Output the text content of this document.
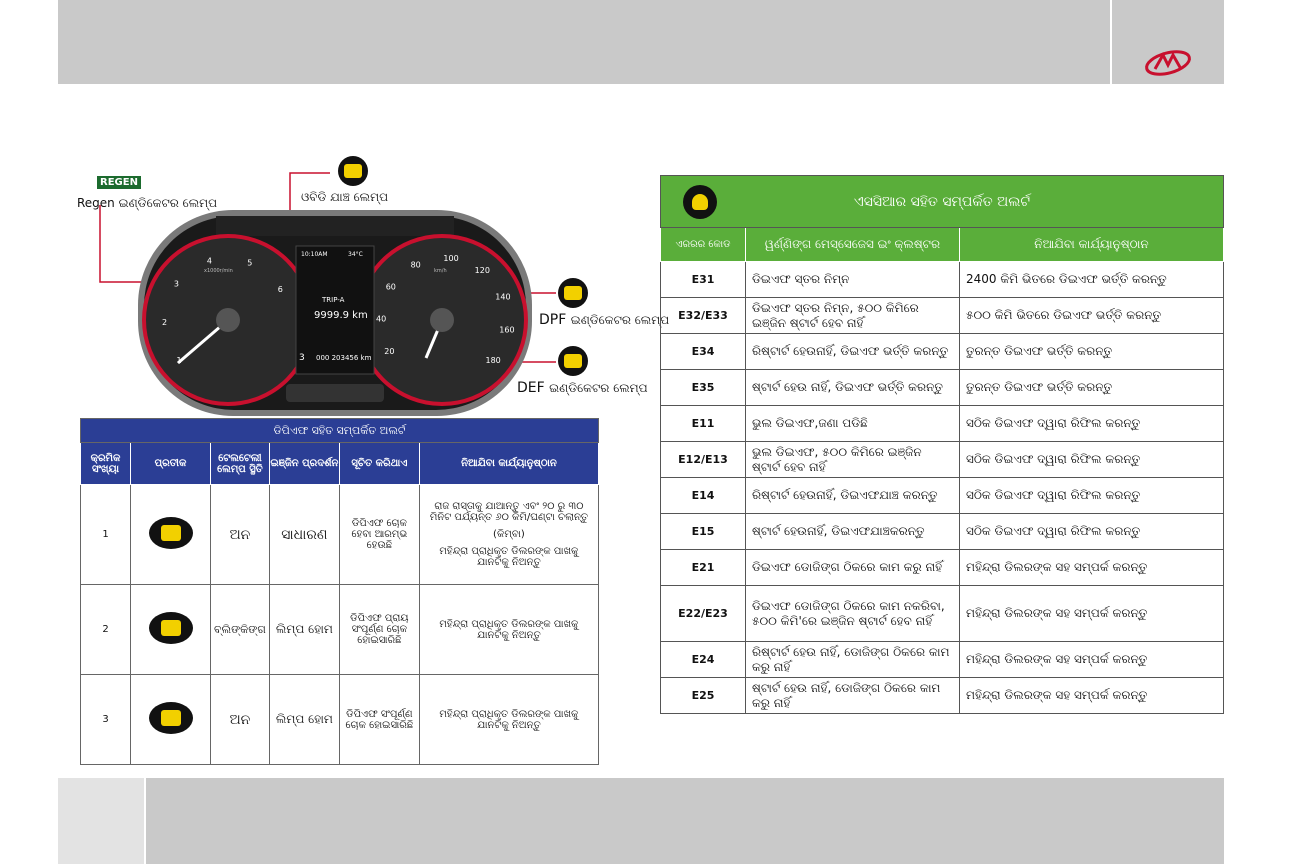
REGEN
Regen ଇଣ୍ଡିକେଟର ଲେମ୍ପ	ଓବିଡି ଯାଞ୍ଚ ଲେମ୍ପ
DPF ଇଣ୍ଡିକେଟର ଲେମ୍ପ
DEF ଇଣ୍ଡିକେଟର ଲେମ୍ପ
10:10AM	34°C
TRIP-A
9999.9 km
3 000 203456 km
x1000r/min	km/h
1
2
3
4	5
6
20
40
60
80
100
120
140
160
180
ଡିପିଏଫ ସହିତ ସମ୍ପର୍କିତ ଅଲର୍ଟ					
କ୍ରମିକ ସଂଖ୍ୟା	ପ୍ରତୀକ	ଟେଲଟେଲୀ ଲେମ୍ପ ସ୍ଥିତି	ଇଞ୍ଜିନ ପ୍ରଦର୍ଶନ	ସୂଚିତ କରିଥାଏ	ନିଆଯିବା କାର୍ଯ୍ୟାନୁଷ୍ଠାନ
1		ଅନ	ସାଧାରଣ	ଡିପିଏଫ ଚୋକ ହେବା ଆରମ୍ଭ ହେଉଛି	ରାଜ ରାସ୍ତାକୁ ଯାଆନ୍ତୁ ଏବଂ ୨୦ ରୁ ୩୦ ମିନିଟ ପର୍ଯ୍ୟନ୍ତ ୬୦ କିମି/ଘଣ୍ଟା ଚଲାନ୍ତୁ
(କିମ୍ବା)
ମହିନ୍ଦ୍ରା ପ୍ରାଧିକୃତ ଡିଲରଙ୍କ ପାଖକୁ ଯାନଟିକୁ ନିଅନ୍ତୁ
2		ବ୍ଲିଙ୍କିଙ୍ଗ	ଲିମ୍ପ ହୋମ	ଡିପିଏଫ ପ୍ରାୟ ସଂପୂର୍ଣ୍ଣ ଚୋକ ହୋଇସାରିଛି	ମହିନ୍ଦ୍ରା ପ୍ରାଧିକୃତ ଡିଲରଙ୍କ ପାଖକୁ ଯାନଟିକୁ ନିଅନ୍ତୁ
3		ଅନ	ଲିମ୍ପ ହୋମ	ଡିପିଏଫ ସଂପୂର୍ଣ୍ଣ ଚୋକ ହୋଇସାରିଛି	ମହିନ୍ଦ୍ରା ପ୍ରାଧିକୃତ ଡିଲରଙ୍କ ପାଖକୁ ଯାନଟିକୁ ନିଅନ୍ତୁ
ଏସସିଆର ସହିତ ସମ୍ପର୍କିତ ଅଲର୍ଟ		
ଏରରର କୋଡ	ୱର୍ଣ୍ଣିଙ୍ଗ ମେସ୍ସେଜେସ ଇଂ କ୍ଲଷ୍ଟର	ନିଆଯିବା କାର୍ଯ୍ୟାନୁଷ୍ଠାନ
E31	ଡିଇଏଫ ସ୍ତର ନିମ୍ନ	2400 କିମି ଭିତରେ ଡିଇଏଫ ଭର୍ତ୍ତି କରନ୍ତୁ
E32/E33	ଡିଇଏଫ ସ୍ତର ନିମ୍ନ, ୫୦୦ କିମିରେ ଇଞ୍ଜିନ ଷ୍ଟାର୍ଟ ହେବ ନାହିଁ	୫୦୦ କିମି ଭିତରେ ଡିଇଏଫ ଭର୍ତ୍ତି କରନ୍ତୁ
E34	ରିଷ୍ଟାର୍ଟ ହେଉନାହିଁ, ଡିଇଏଫ ଭର୍ତ୍ତି କରନ୍ତୁ	ତୁରନ୍ତ ଡିଇଏଫ ଭର୍ତ୍ତି କରନ୍ତୁ
E35	ଷ୍ଟାର୍ଟ ହେଉ ନାହିଁ, ଡିଇଏଫ ଭର୍ତ୍ତି କରନ୍ତୁ	ତୁରନ୍ତ ଡିଇଏଫ ଭର୍ତ୍ତି କରନ୍ତୁ
E11	ଭୁଲ ଡିଇଏଫ,ଜଣା ପଡିଛି	ସଠିକ ଡିଇଏଫ ଦ୍ୱାରା ରିଫିଲ କରନ୍ତୁ
E12/E13	ଭୁଲ ଡିଇଏଫ, ୫୦୦ କିମିରେ ଇଞ୍ଜିନ ଷ୍ଟାର୍ଟ ହେବ ନାହିଁ	ସଠିକ ଡିଇଏଫ ଦ୍ୱାରା ରିଫିଲ କରନ୍ତୁ
E14	ରିଷ୍ଟାର୍ଟ ହେଉନାହିଁ, ଡିଇଏଫଯାଞ୍ଚ କରନ୍ତୁ	ସଠିକ ଡିଇଏଫ ଦ୍ୱାରା ରିଫିଲ କରନ୍ତୁ
E15	ଷ୍ଟାର୍ଟ ହେଉନାହିଁ, ଡିଇଏଫଯାଞ୍ଚକରନ୍ତୁ	ସଠିକ ଡିଇଏଫ ଦ୍ୱାରା ରିଫିଲ କରନ୍ତୁ
E21	ଡିଇଏଫ ଡୋଜିଙ୍ଗ ଠିକରେ କାମ କରୁ ନାହିଁ	ମହିନ୍ଦ୍ରା ଡିଲରଙ୍କ ସହ ସମ୍ପର୍କ କରନ୍ତୁ
E22/E23	ଡିଇଏଫ ଡୋଜିଙ୍ଗ ଠିକରେ କାମ ନକରିବା, ୫୦୦ କିମି'ରେ ଇଞ୍ଜିନ ଷ୍ଟାର୍ଟ ହେବ ନାହିଁ	ମହିନ୍ଦ୍ରା ଡିଲରଙ୍କ ସହ ସମ୍ପର୍କ କରନ୍ତୁ
E24	ରିଷ୍ଟାର୍ଟ ହେଉ ନାହିଁ, ଡୋଜିଙ୍ଗ ଠିକରେ କାମ କରୁ ନାହିଁ	ମହିନ୍ଦ୍ରା ଡିଲରଙ୍କ ସହ ସମ୍ପର୍କ କରନ୍ତୁ
E25	ଷ୍ଟାର୍ଟ ହେଉ ନାହିଁ, ଡୋଜିଙ୍ଗ ଠିକରେ କାମ କରୁ ନାହିଁ	ମହିନ୍ଦ୍ରା ଡିଲରଙ୍କ ସହ ସମ୍ପର୍କ କରନ୍ତୁ
